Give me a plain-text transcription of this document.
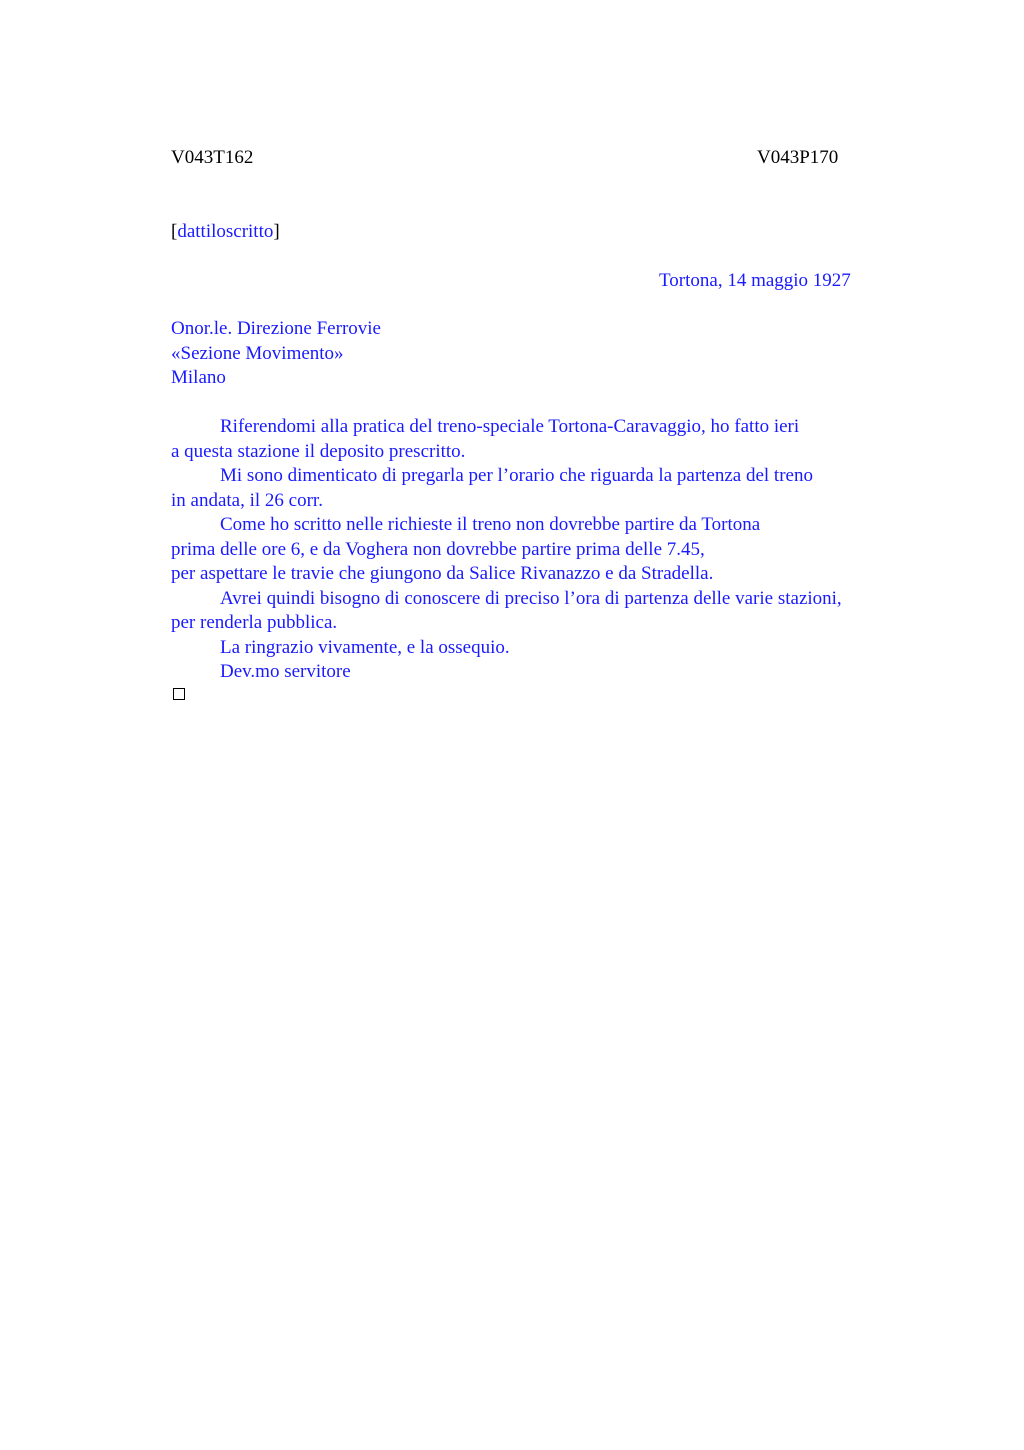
V043T162	V043P170
[dattiloscritto]
Tortona, 14 maggio 1927
Onor.le. Direzione Ferrovie
«Sezione Movimento»
Milano
Riferendomi alla pratica del treno-speciale Tortona-Caravaggio, ho fatto ieri
a questa stazione il deposito prescritto.
Mi sono dimenticato di pregarla per l’orario che riguarda la partenza del treno
in andata, il 26 corr.
Come ho scritto nelle richieste il treno non dovrebbe partire da Tortona
prima delle ore 6, e da Voghera non dovrebbe partire prima delle 7.45,
per aspettare le travie che giungono da Salice Rivanazzo e da Stradella.
Avrei quindi bisogno di conoscere di preciso l’ora di partenza delle varie stazioni,
per renderla pubblica.
La ringrazio vivamente, e la ossequio.
Dev.mo servitore
